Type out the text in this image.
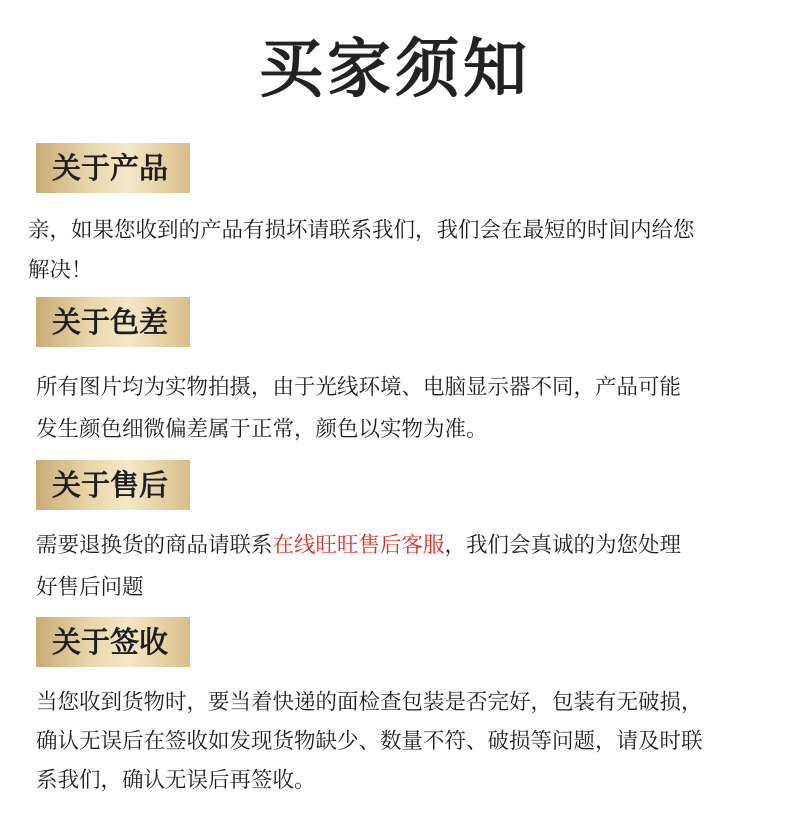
买家须知
关于产品
亲，如果您收到的产品有损坏请联系我们，我们会在最短的时间内给您
解决！
关于色差
所有图片均为实物拍摄，由于光线环境、电脑显示器不同，产品可能
发生颜色细微偏差属于正常，颜色以实物为准。
关于售后
需要退换货的商品请联系在线旺旺售后客服，我们会真诚的为您处理
好售后问题
关于签收
当您收到货物时，要当着快递的面检查包装是否完好，包装有无破损，
确认无误后在签收如发现货物缺少、数量不符、破损等问题，请及时联
系我们，确认无误后再签收。
